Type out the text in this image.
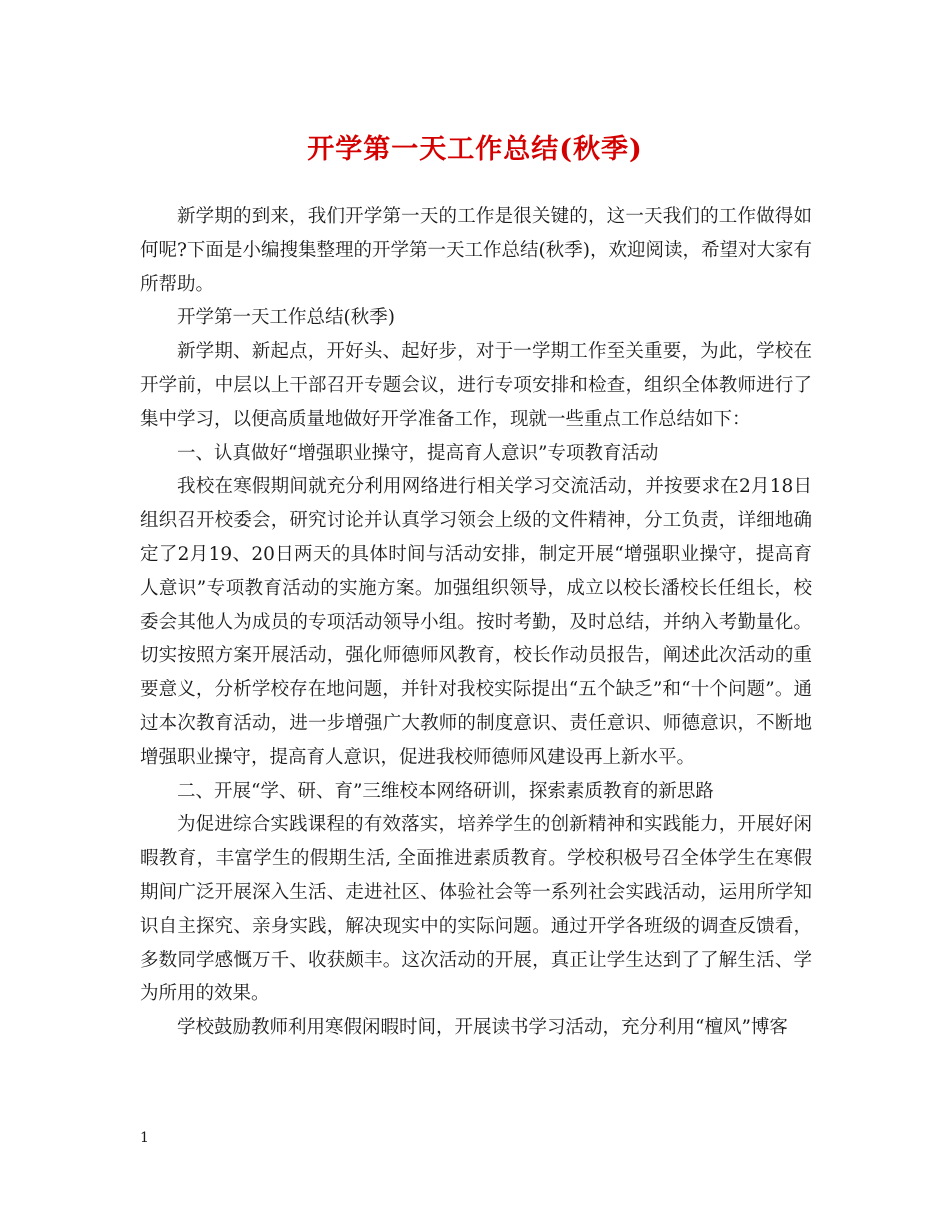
开学第一天工作总结(秋季)

新学期的到来，我们开学第一天的工作是很关键的，这一天我们的工作做得如何呢?下面是小编搜集整理的开学第一天工作总结(秋季)，欢迎阅读，希望对大家有所帮助。

开学第一天工作总结(秋季)

新学期、新起点，开好头、起好步，对于一学期工作至关重要，为此，学校在开学前，中层以上干部召开专题会议，进行专项安排和检查，组织全体教师进行了集中学习，以便高质量地做好开学准备工作，现就一些重点工作总结如下：

一、认真做好“增强职业操守，提高育人意识”专项教育活动

我校在寒假期间就充分利用网络进行相关学习交流活动，并按要求在2月18日组织召开校委会，研究讨论并认真学习领会上级的文件精神，分工负责，详细地确定了2月19、20日两天的具体时间与活动安排，制定开展“增强职业操守，提高育人意识”专项教育活动的实施方案。加强组织领导，成立以校长潘校长任组长，校委会其他人为成员的专项活动领导小组。按时考勤，及时总结，并纳入考勤量化。切实按照方案开展活动，强化师德师风教育，校长作动员报告，阐述此次活动的重要意义，分析学校存在地问题，并针对我校实际提出“五个缺乏”和“十个问题”。通过本次教育活动，进一步增强广大教师的制度意识、责任意识、师德意识，不断地增强职业操守，提高育人意识，促进我校师德师风建设再上新水平。

二、开展“学、研、育”三维校本网络研训，探索素质教育的新思路

为促进综合实践课程的有效落实，培养学生的创新精神和实践能力，开展好闲暇教育，丰富学生的假期生活, 全面推进素质教育。学校积极号召全体学生在寒假期间广泛开展深入生活、走进社区、体验社会等一系列社会实践活动，运用所学知识自主探究、亲身实践，解决现实中的实际问题。通过开学各班级的调查反馈看，多数同学感慨万千、收获颇丰。这次活动的开展，真正让学生达到了了解生活、学为所用的效果。

学校鼓励教师利用寒假闲暇时间，开展读书学习活动，充分利用“檀风”博客

1
